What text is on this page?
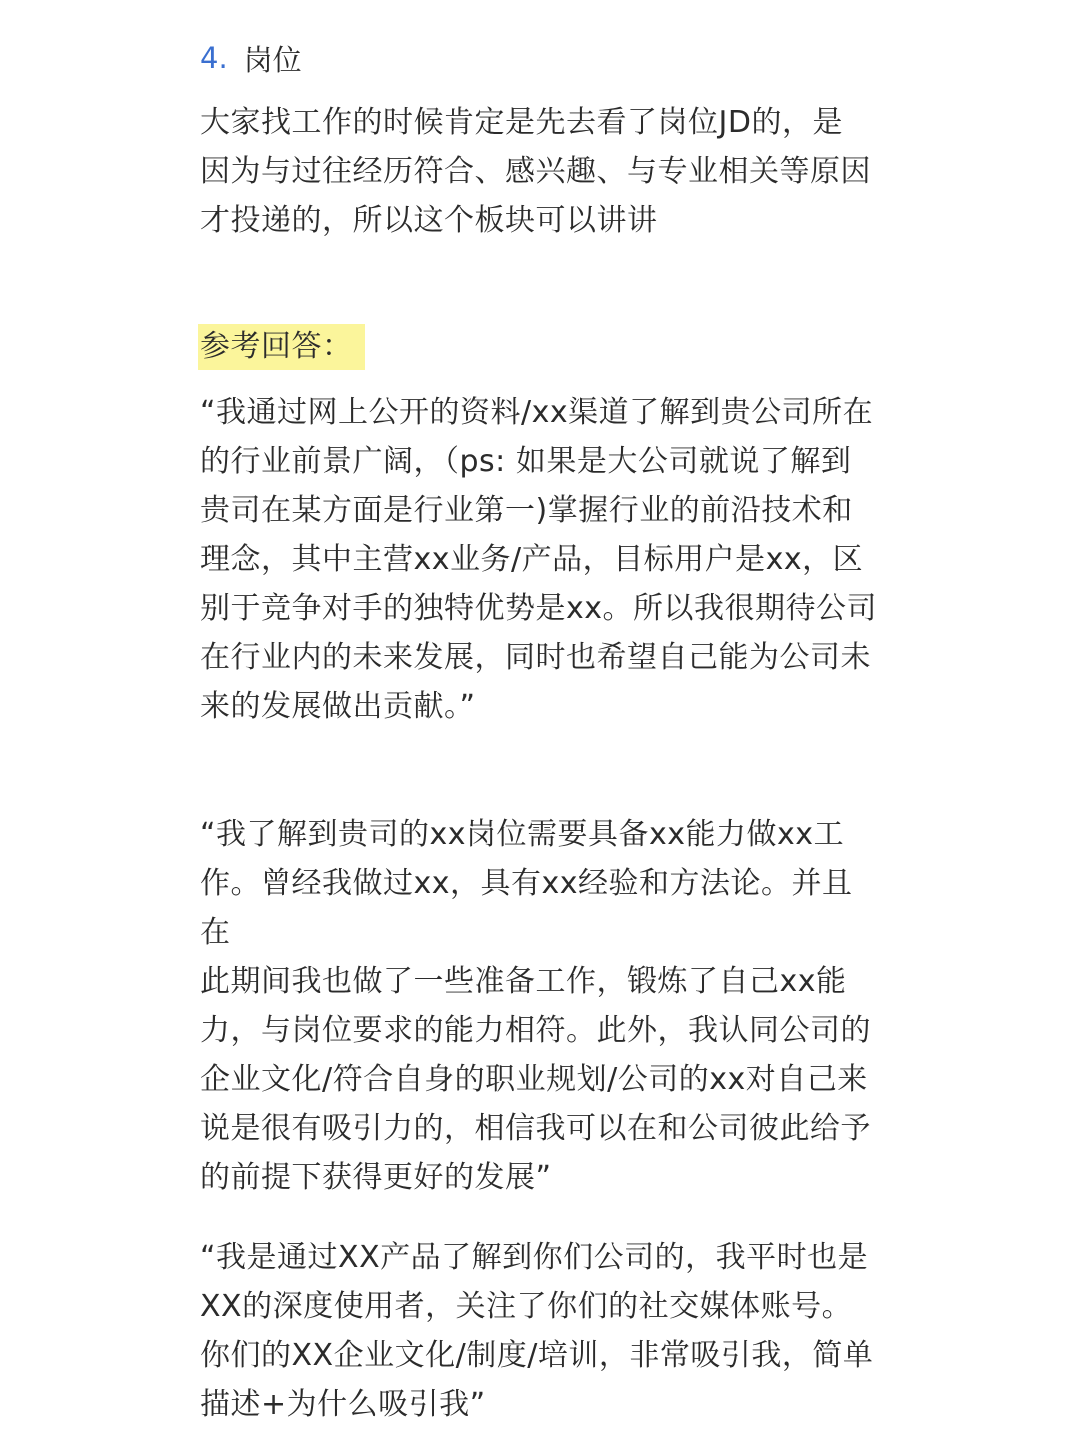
4. 岗位

大家找工作的时候肯定是先去看了岗位JD的，是
因为与过往经历符合、感兴趣、与专业相关等原因
才投递的，所以这个板块可以讲讲

参考回答：

“我通过网上公开的资料/xx渠道了解到贵公司所在
的行业前景广阔，（ps: 如果是大公司就说了解到
贵司在某方面是行业第一)掌握行业的前沿技术和
理念，其中主营xx业务/产品，目标用户是xx，区
别于竞争对手的独特优势是xx。所以我很期待公司
在行业内的未来发展，同时也希望自己能为公司未
来的发展做出贡献。”

“我了解到贵司的xx岗位需要具备xx能力做xx工
作。曾经我做过xx，具有xx经验和方法论。并且在
此期间我也做了一些准备工作，锻炼了自己xx能
力，与岗位要求的能力相符。此外，我认同公司的
企业文化/符合自身的职业规划/公司的xx对自己来
说是很有吸引力的，相信我可以在和公司彼此给予
的前提下获得更好的发展”

“我是通过XX产品了解到你们公司的，我平时也是
XX的深度使用者，关注了你们的社交媒体账号。
你们的XX企业文化/制度/培训，非常吸引我，简单
描述+为什么吸引我”
